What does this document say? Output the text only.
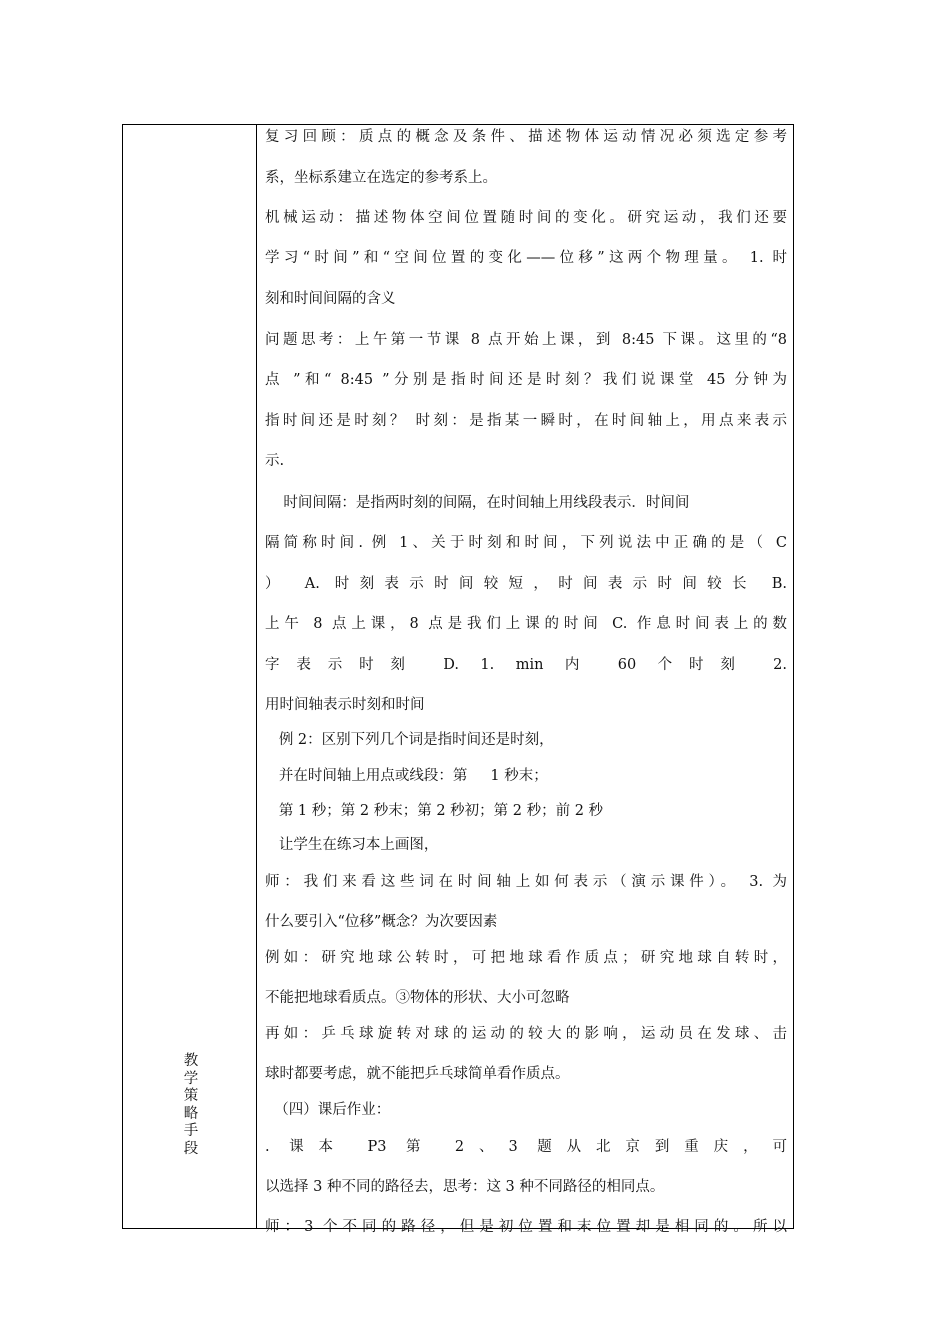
教学策略手段
复习回顾：质点的概念及条件、描述物体运动情况必须选定参考
系，坐标系建立在选定的参考系上。
机械运动：描述物体空间位置随时间的变化。研究运动，我们还要
学习“时间”和“空间位置的变化——位移”这两个物理量。 1. 时
刻和时间间隔的含义
问题思考：上午第一节课 8 点开始上课，到 8:45 下课。这里的“8
点 ”和“ 8:45 ”分别是指时间还是时刻？我们说课堂 45 分钟为
指时间还是时刻？ 时刻：是指某一瞬时，在时间轴上，用点来表示
示.
时间间隔：是指两时刻的间隔，在时间轴上用线段表示．时间间
隔简称时间. 例 1、关于时刻和时间，下列说法中正确的是（ C
） A. 时刻表示时间较短，时间表示时间较长 B.
上午 8 点上课，8 点是我们上课的时间 C. 作息时间表上的数
字表示时刻 D. 1. min 内 60 个时刻 2.
用时间轴表示时刻和时间
例 2：区别下列几个词是指时间还是时刻，
并在时间轴上用点或线段：第     1 秒末；
第 1 秒；第 2 秒末；第 2 秒初；第 2 秒；前 2 秒
让学生在练习本上画图，
师：我们来看这些词在时间轴上如何表示（演示课件）。 3. 为
什么要引入“位移”概念？为次要因素
例如：研究地球公转时，可把地球看作质点；研究地球自转时，
不能把地球看质点。③物体的形状、大小可忽略
再如：乒乓球旋转对球的运动的较大的影响，运动员在发球、击
球时都要考虑，就不能把乒乓球简单看作质点。
（四）课后作业：
. 课本 P3 第 2、3 题从北京到重庆，可
以选择 3 种不同的路径去，思考：这 3 种不同路径的相同点。
师：3 个不同的路径，但是初位置和末位置却是相同的。所以
